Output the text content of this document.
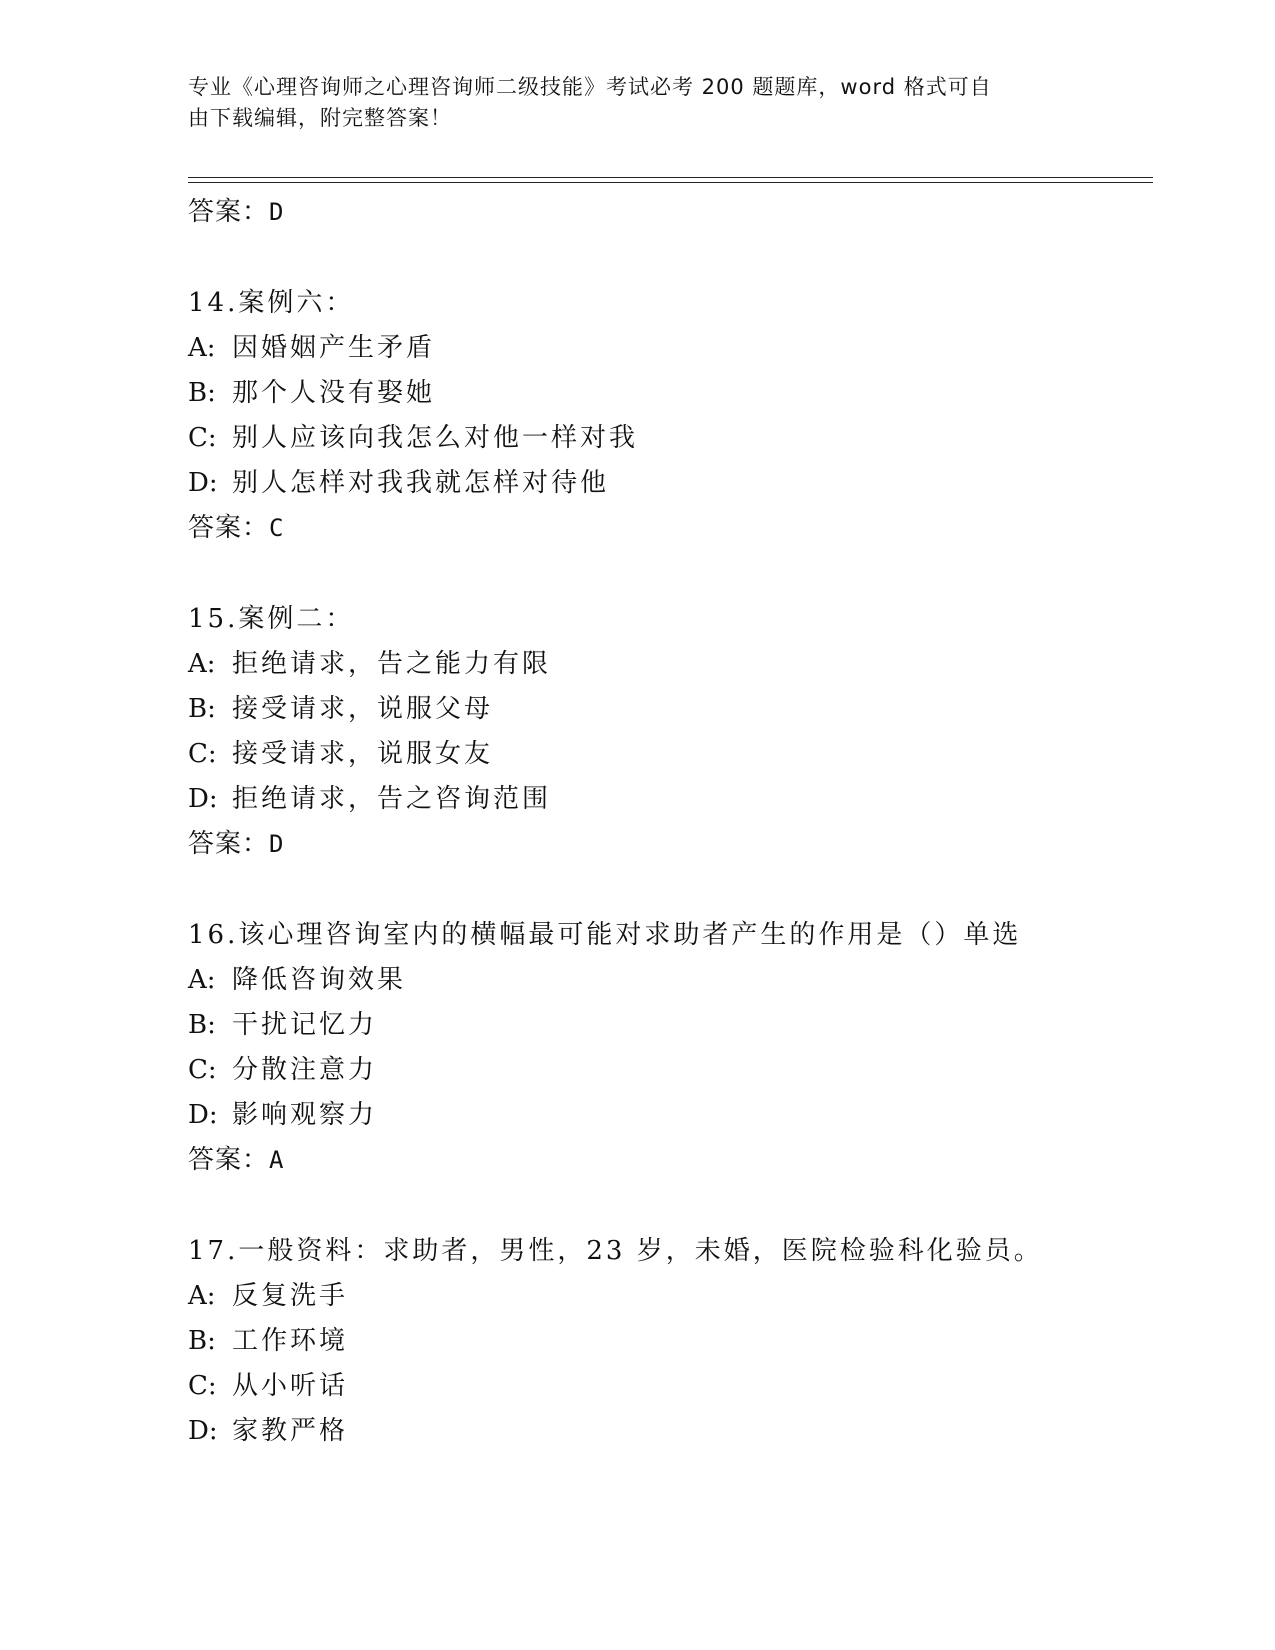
专业《心理咨询师之心理咨询师二级技能》考试必考 200 题题库，word 格式可自
由下载编辑，附完整答案！
答案：D
14.案例六：
A: 因婚姻产生矛盾
B: 那个人没有娶她
C: 别人应该向我怎么对他一样对我
D: 别人怎样对我我就怎样对待他
答案：C
15.案例二：
A: 拒绝请求，告之能力有限
B: 接受请求，说服父母
C: 接受请求，说服女友
D: 拒绝请求，告之咨询范围
答案：D
16.该心理咨询室内的横幅最可能对求助者产生的作用是（）单选
A: 降低咨询效果
B: 干扰记忆力
C: 分散注意力
D: 影响观察力
答案：A
17.一般资料：求助者，男性，23 岁，未婚，医院检验科化验员。
A: 反复洗手
B: 工作环境
C: 从小听话
D: 家教严格
